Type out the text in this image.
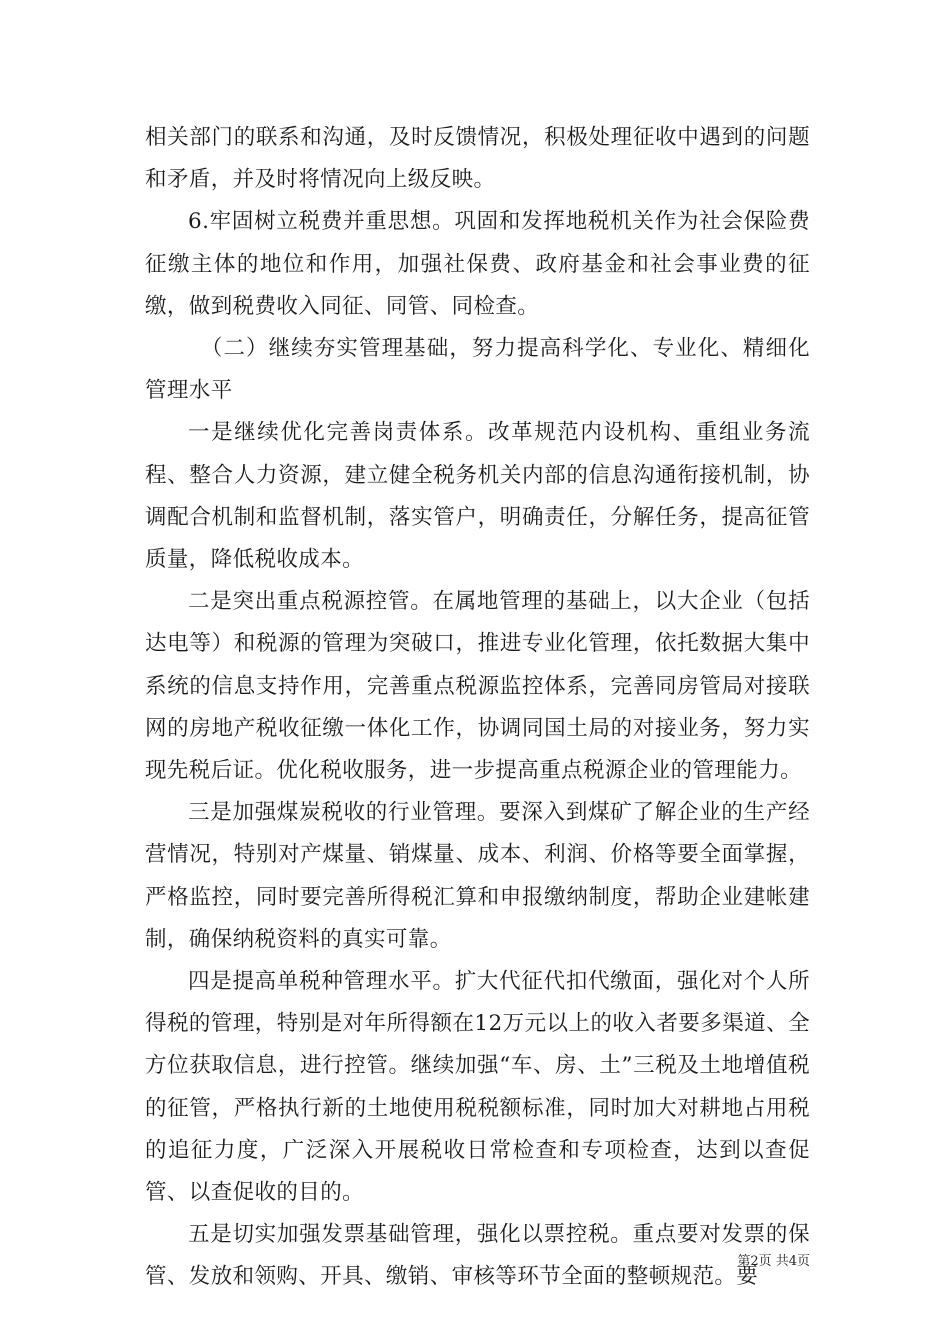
相关部门的联系和沟通，及时反馈情况，积极处理征收中遇到的问题和矛盾，并及时将情况向上级反映。

6.牢固树立税费并重思想。巩固和发挥地税机关作为社会保险费征缴主体的地位和作用，加强社保费、政府基金和社会事业费的征缴，做到税费收入同征、同管、同检查。

（二）继续夯实管理基础，努力提高科学化、专业化、精细化管理水平

一是继续优化完善岗责体系。改革规范内设机构、重组业务流程、整合人力资源，建立健全税务机关内部的信息沟通衔接机制，协调配合机制和监督机制，落实管户，明确责任，分解任务，提高征管质量，降低税收成本。

二是突出重点税源控管。在属地管理的基础上，以大企业（包括达电等）和税源的管理为突破口，推进专业化管理，依托数据大集中系统的信息支持作用，完善重点税源监控体系，完善同房管局对接联网的房地产税收征缴一体化工作，协调同国土局的对接业务，努力实现先税后证。优化税收服务，进一步提高重点税源企业的管理能力。

三是加强煤炭税收的行业管理。要深入到煤矿了解企业的生产经营情况，特别对产煤量、销煤量、成本、利润、价格等要全面掌握，严格监控，同时要完善所得税汇算和申报缴纳制度，帮助企业建帐建制，确保纳税资料的真实可靠。

四是提高单税种管理水平。扩大代征代扣代缴面，强化对个人所得税的管理，特别是对年所得额在12万元以上的收入者要多渠道、全方位获取信息，进行控管。继续加强“车、房、土”三税及土地增值税的征管，严格执行新的土地使用税税额标准，同时加大对耕地占用税的追征力度，广泛深入开展税收日常检查和专项检查，达到以查促管、以查促收的目的。

五是切实加强发票基础管理，强化以票控税。重点要对发票的保管、发放和领购、开具、缴销、审核等环节全面的整顿规范。要

第2页 共4页
